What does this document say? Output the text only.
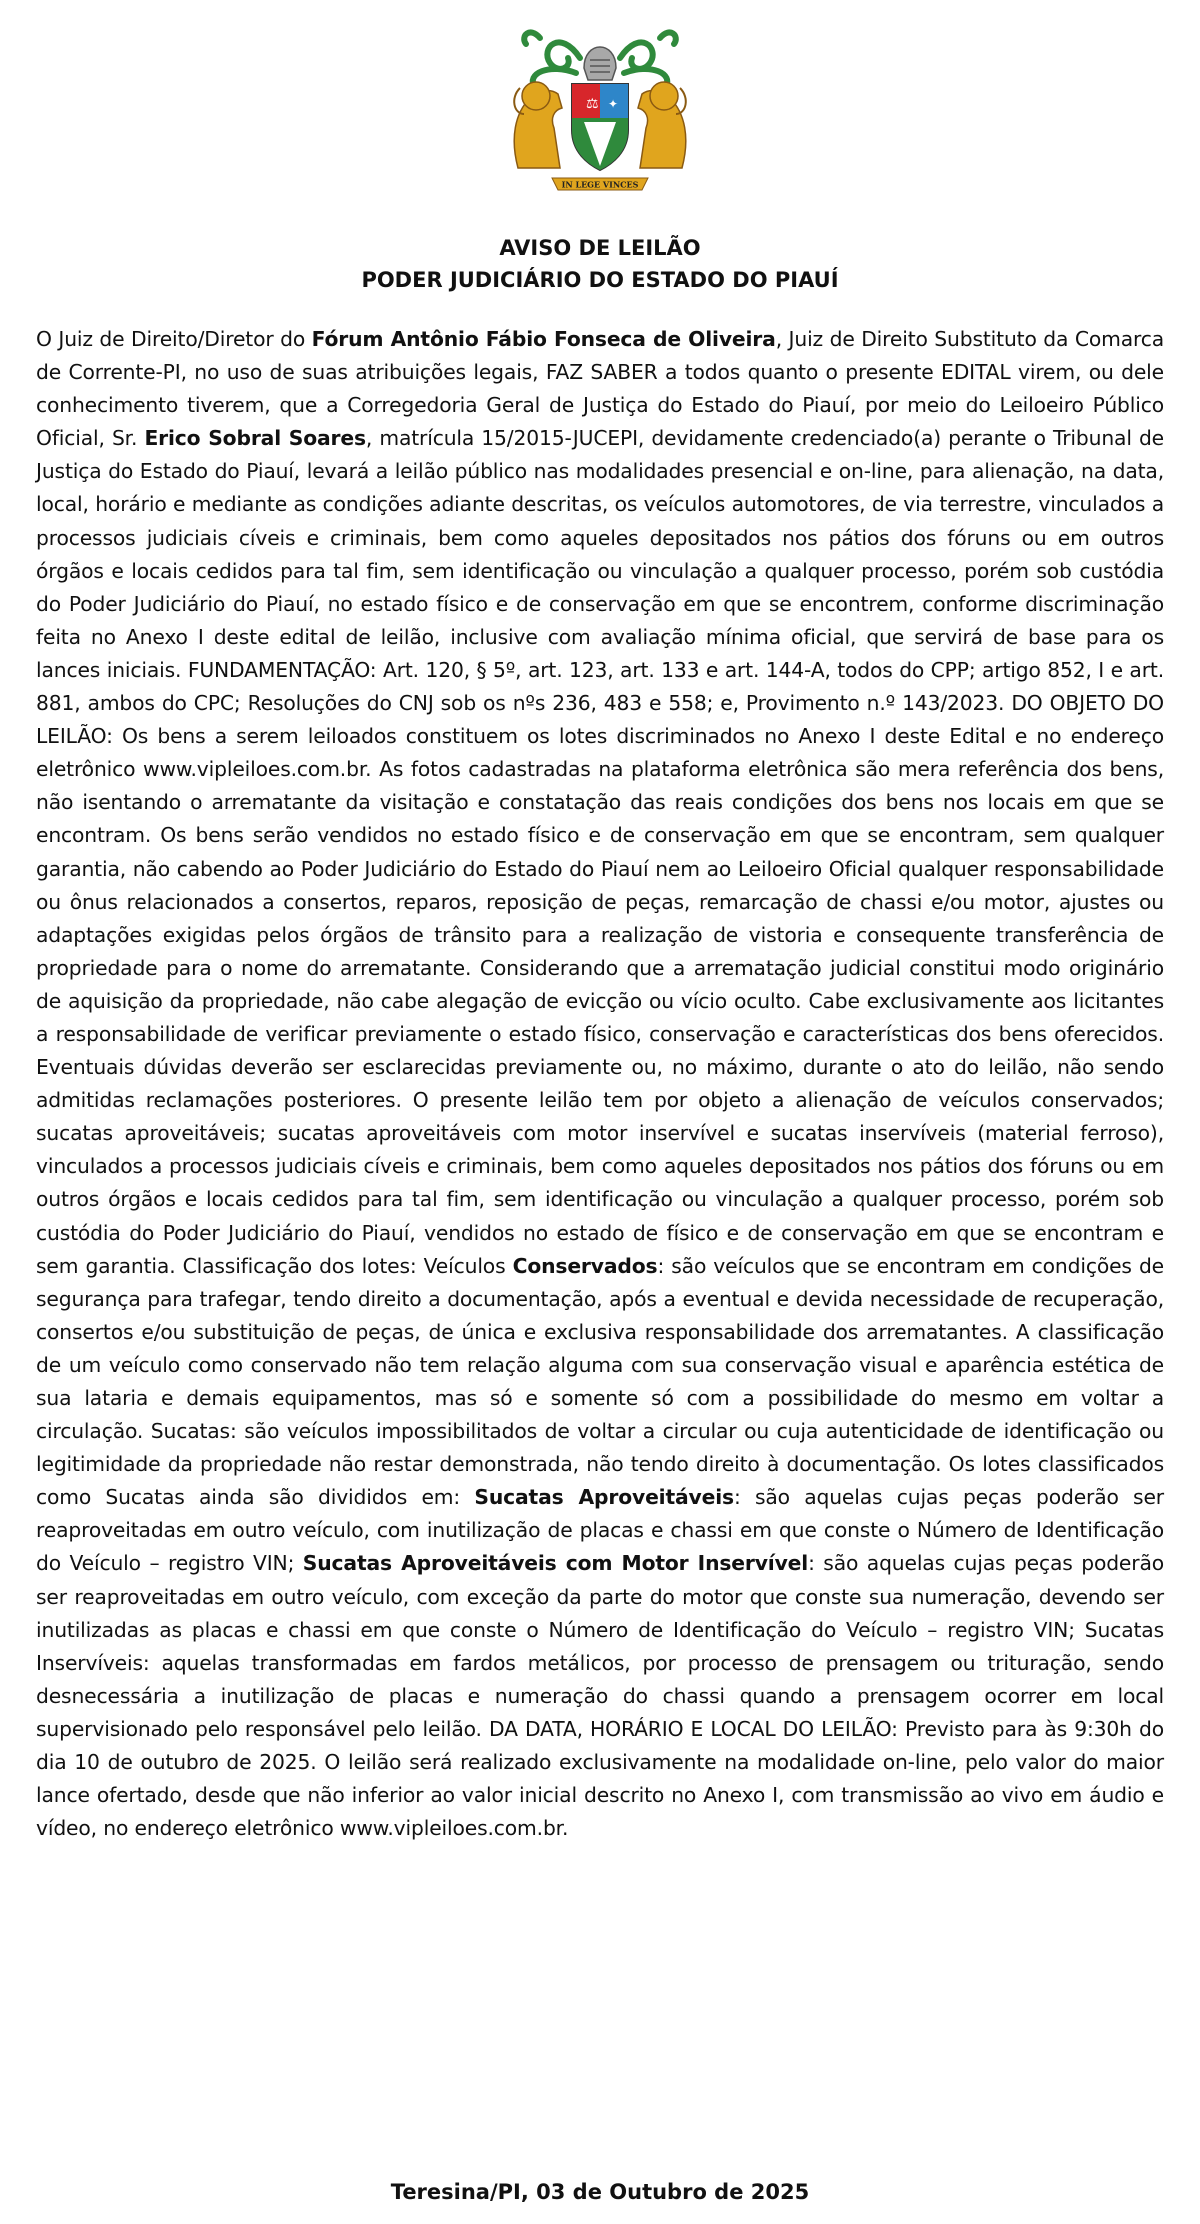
⚖ ✦
IN LEGE VINCES
AVISO DE LEILÃO
PODER JUDICIÁRIO DO ESTADO DO PIAUÍ

O Juiz de Direito/Diretor do Fórum Antônio Fábio Fonseca de Oliveira, Juiz de Direito Substituto da Comarca de Corrente-PI, no uso de suas atribuições legais, FAZ SABER a todos quanto o presente EDITAL virem, ou dele conhecimento tiverem, que a Corregedoria Geral de Justiça do Estado do Piauí, por meio do Leiloeiro Público Oficial, Sr. Erico Sobral Soares, matrícula 15/2015-JUCEPI, devidamente credenciado(a) perante o Tribunal de Justiça do Estado do Piauí, levará a leilão público nas modalidades presencial e on-line, para alienação, na data, local, horário e mediante as condições adiante descritas, os veículos automotores, de via terrestre, vinculados a processos judiciais cíveis e criminais, bem como aqueles depositados nos pátios dos fóruns ou em outros órgãos e locais cedidos para tal fim, sem identificação ou vinculação a qualquer processo, porém sob custódia do Poder Judiciário do Piauí, no estado físico e de conservação em que se encontrem, conforme discriminação feita no Anexo I deste edital de leilão, inclusive com avaliação mínima oficial, que servirá de base para os lances iniciais. FUNDAMENTAÇÃO: Art. 120, § 5º, art. 123, art. 133 e art. 144-A, todos do CPP; artigo 852, I e art. 881, ambos do CPC; Resoluções do CNJ sob os nºs 236, 483 e 558; e, Provimento n.º 143/2023. DO OBJETO DO LEILÃO: Os bens a serem leiloados constituem os lotes discriminados no Anexo I deste Edital e no endereço eletrônico www.vipleiloes.com.br. As fotos cadastradas na plataforma eletrônica são mera referência dos bens, não isentando o arrematante da visitação e constatação das reais condições dos bens nos locais em que se encontram. Os bens serão vendidos no estado físico e de conservação em que se encontram, sem qualquer garantia, não cabendo ao Poder Judiciário do Estado do Piauí nem ao Leiloeiro Oficial qualquer responsabilidade ou ônus relacionados a consertos, reparos, reposição de peças, remarcação de chassi e/ou motor, ajustes ou adaptações exigidas pelos órgãos de trânsito para a realização de vistoria e consequente transferência de propriedade para o nome do arrematante. Considerando que a arrematação judicial constitui modo originário de aquisição da propriedade, não cabe alegação de evicção ou vício oculto. Cabe exclusivamente aos licitantes a responsabilidade de verificar previamente o estado físico, conservação e características dos bens oferecidos. Eventuais dúvidas deverão ser esclarecidas previamente ou, no máximo, durante o ato do leilão, não sendo admitidas reclamações posteriores. O presente leilão tem por objeto a alienação de veículos conservados; sucatas aproveitáveis; sucatas aproveitáveis com motor inservível e sucatas inservíveis (material ferroso), vinculados a processos judiciais cíveis e criminais, bem como aqueles depositados nos pátios dos fóruns ou em outros órgãos e locais cedidos para tal fim, sem identificação ou vinculação a qualquer processo, porém sob custódia do Poder Judiciário do Piauí, vendidos no estado de físico e de conservação em que se encontram e sem garantia. Classificação dos lotes: Veículos Conservados: são veículos que se encontram em condições de segurança para trafegar, tendo direito a documentação, após a eventual e devida necessidade de recuperação, consertos e/ou substituição de peças, de única e exclusiva responsabilidade dos arrematantes. A classificação de um veículo como conservado não tem relação alguma com sua conservação visual e aparência estética de sua lataria e demais equipamentos, mas só e somente só com a possibilidade do mesmo em voltar a circulação. Sucatas: são veículos impossibilitados de voltar a circular ou cuja autenticidade de identificação ou legitimidade da propriedade não restar demonstrada, não tendo direito à documentação. Os lotes classificados como Sucatas ainda são divididos em: Sucatas Aproveitáveis: são aquelas cujas peças poderão ser reaproveitadas em outro veículo, com inutilização de placas e chassi em que conste o Número de Identificação do Veículo – registro VIN; Sucatas Aproveitáveis com Motor Inservível: são aquelas cujas peças poderão ser reaproveitadas em outro veículo, com exceção da parte do motor que conste sua numeração, devendo ser inutilizadas as placas e chassi em que conste o Número de Identificação do Veículo – registro VIN; Sucatas Inservíveis: aquelas transformadas em fardos metálicos, por processo de prensagem ou trituração, sendo desnecessária a inutilização de placas e numeração do chassi quando a prensagem ocorrer em local supervisionado pelo responsável pelo leilão. DA DATA, HORÁRIO E LOCAL DO LEILÃO: Previsto para às 9:30h do dia 10 de outubro de 2025. O leilão será realizado exclusivamente na modalidade on-line, pelo valor do maior lance ofertado, desde que não inferior ao valor inicial descrito no Anexo I, com transmissão ao vivo em áudio e vídeo, no endereço eletrônico www.vipleiloes.com.br.

Teresina/PI, 03 de Outubro de 2025
